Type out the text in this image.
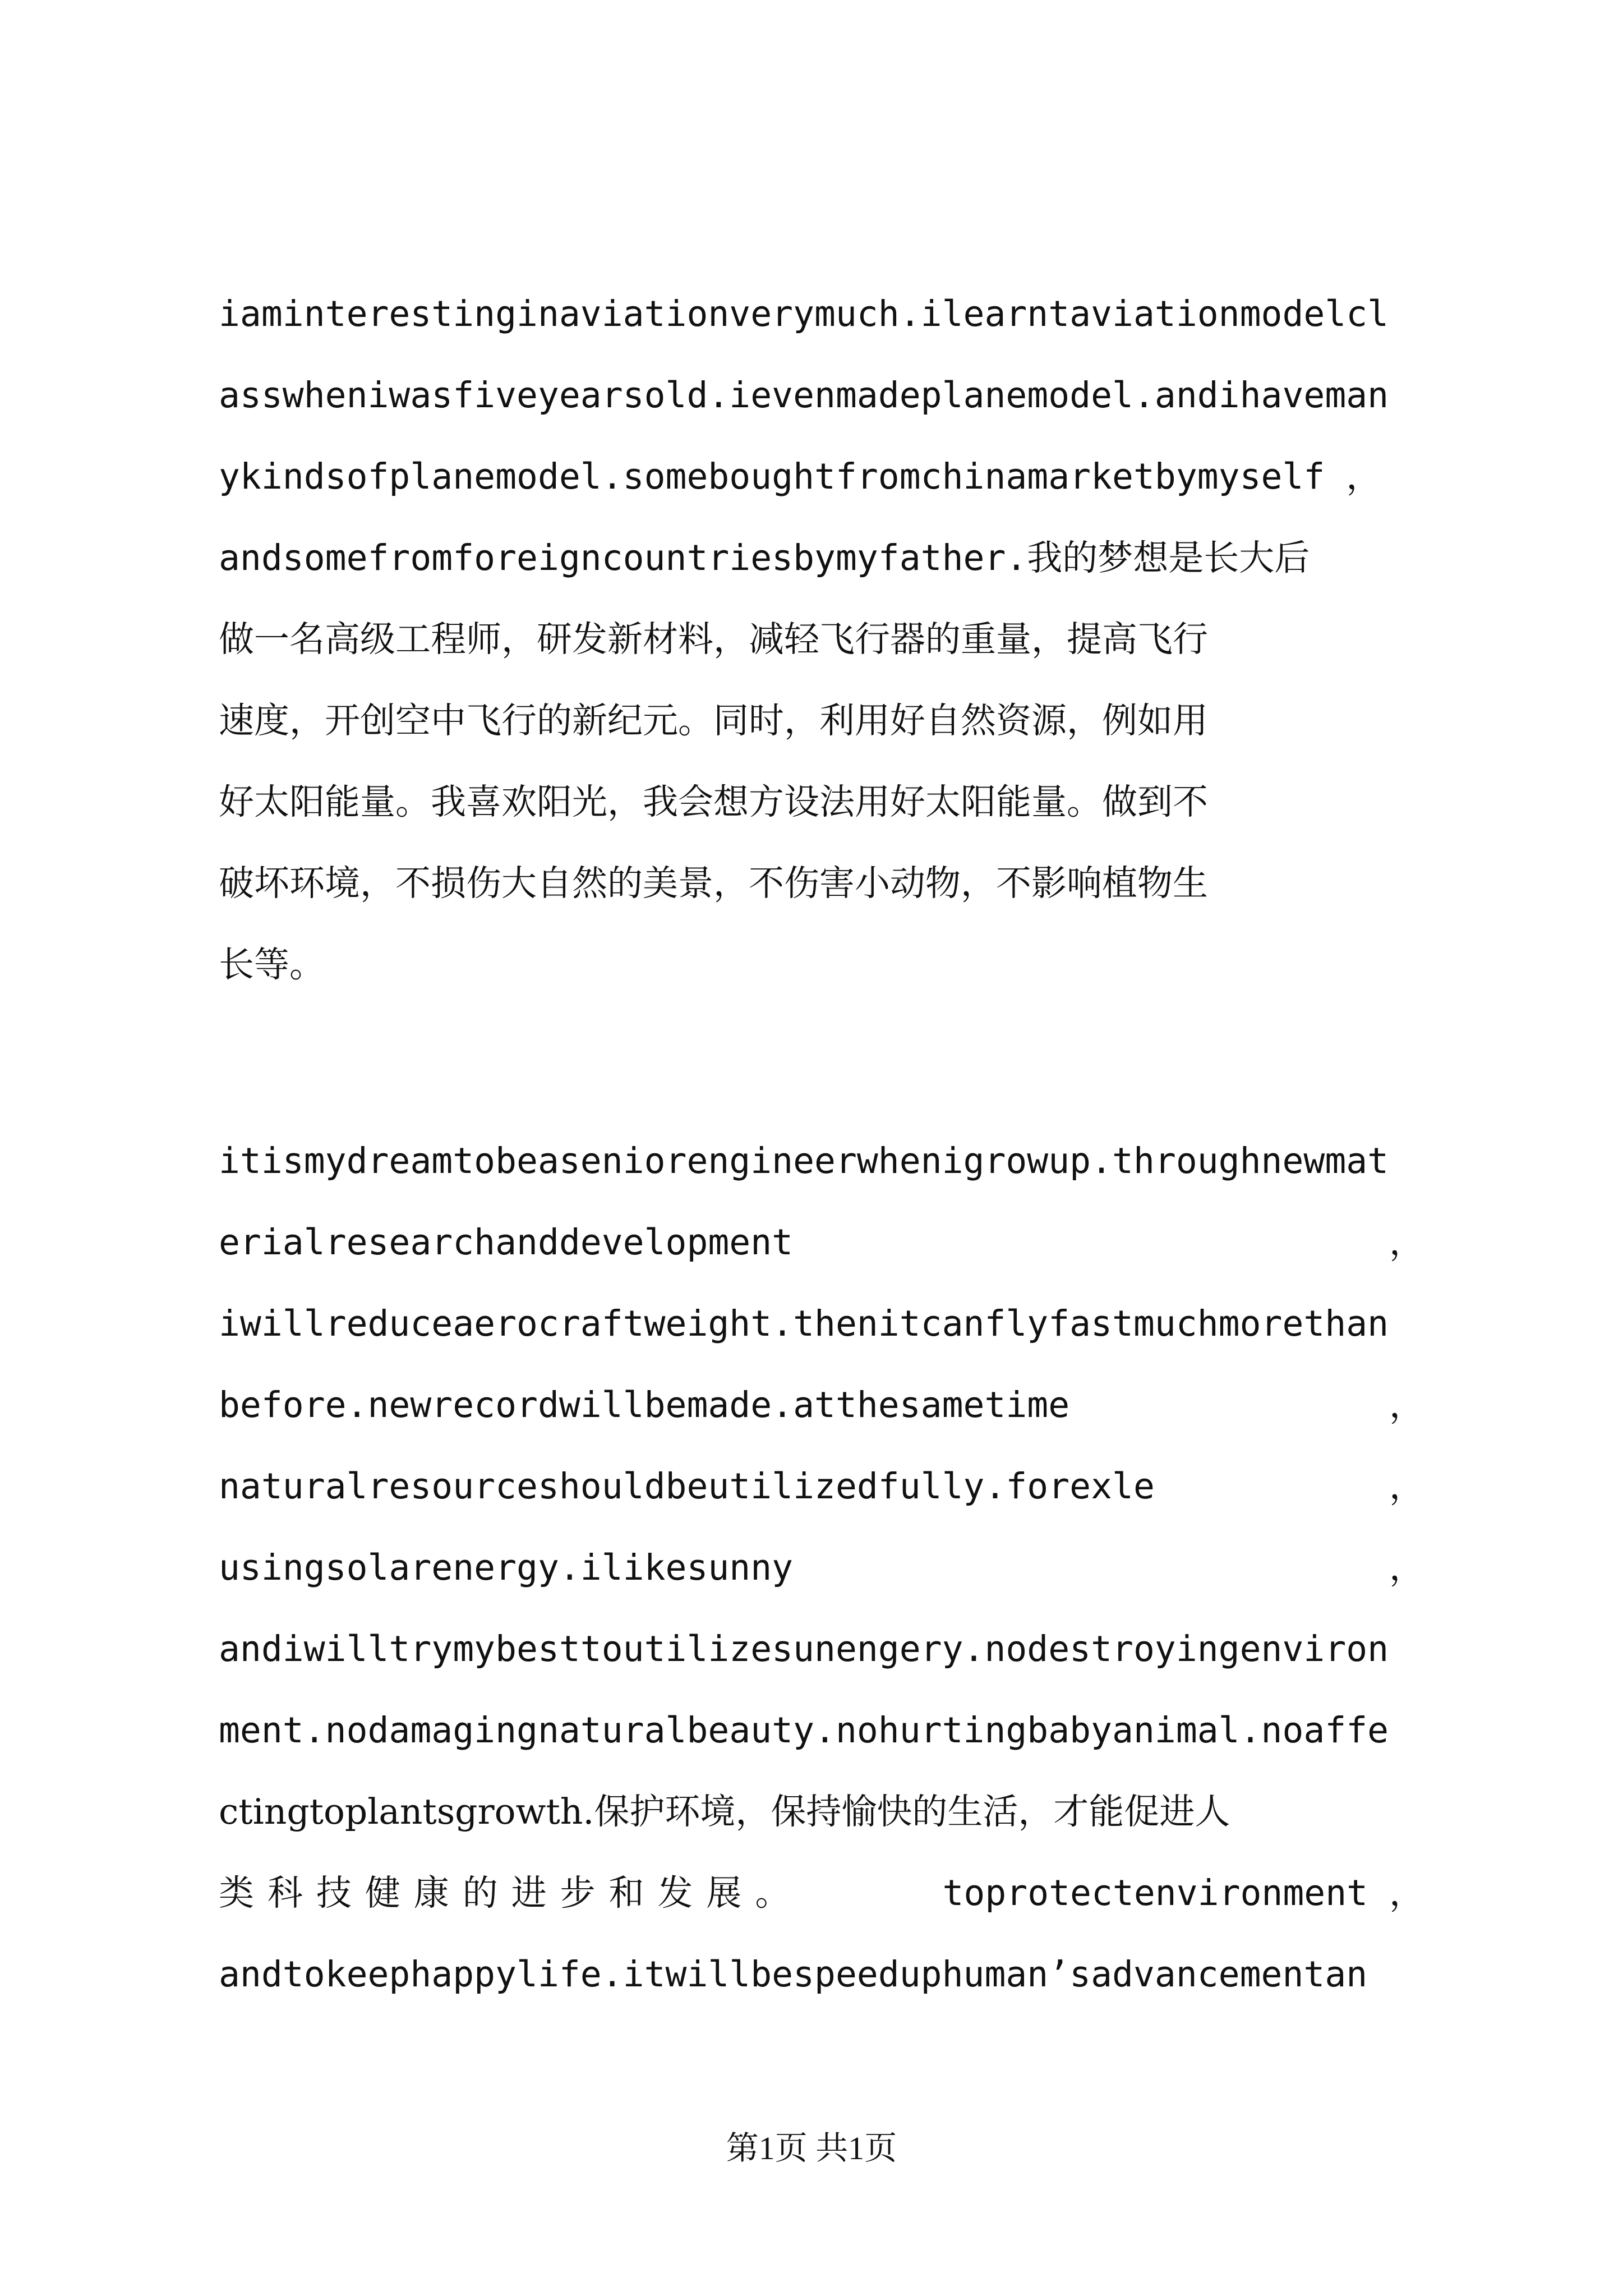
iaminterestinginaviationverymuch.ilearntaviationmodelcl
asswheniwasfiveyearsold.ievenmadeplanemodel.andihaveman
ykindsofplanemodel.someboughtfromchinamarketbymyself ，
andsomefromforeigncountriesbymyfather.我的梦想是长大后
做一名高级工程师，研发新材料，减轻飞行器的重量，提高飞行
速度，开创空中飞行的新纪元。同时，利用好自然资源，例如用
好太阳能量。我喜欢阳光，我会想方设法用好太阳能量。做到不
破坏环境，不损伤大自然的美景，不伤害小动物，不影响植物生
长等。
itismydreamtobeaseniorengineerwhenigrowup.throughnewmat
erialresearchanddevelopment	，
iwillreduceaerocraftweight.thenitcanflyfastmuchmorethan
before.newrecordwillbemade.atthesametime	，
naturalresourceshouldbeutilizedfully.forexle	，
usingsolarenergy.ilikesunny	，
andiwilltrymybesttoutilizesunengery.nodestroyingenviron
ment.nodamagingnaturalbeauty.nohurtingbabyanimal.noaffe
ctingtoplantsgrowth.保护环境，保持愉快的生活，才能促进人
类科技健康的进步和发展。	toprotectenvironment ，
andtokeephappylife.itwillbespeeduphuman’sadvancementan
第1页 共1页
